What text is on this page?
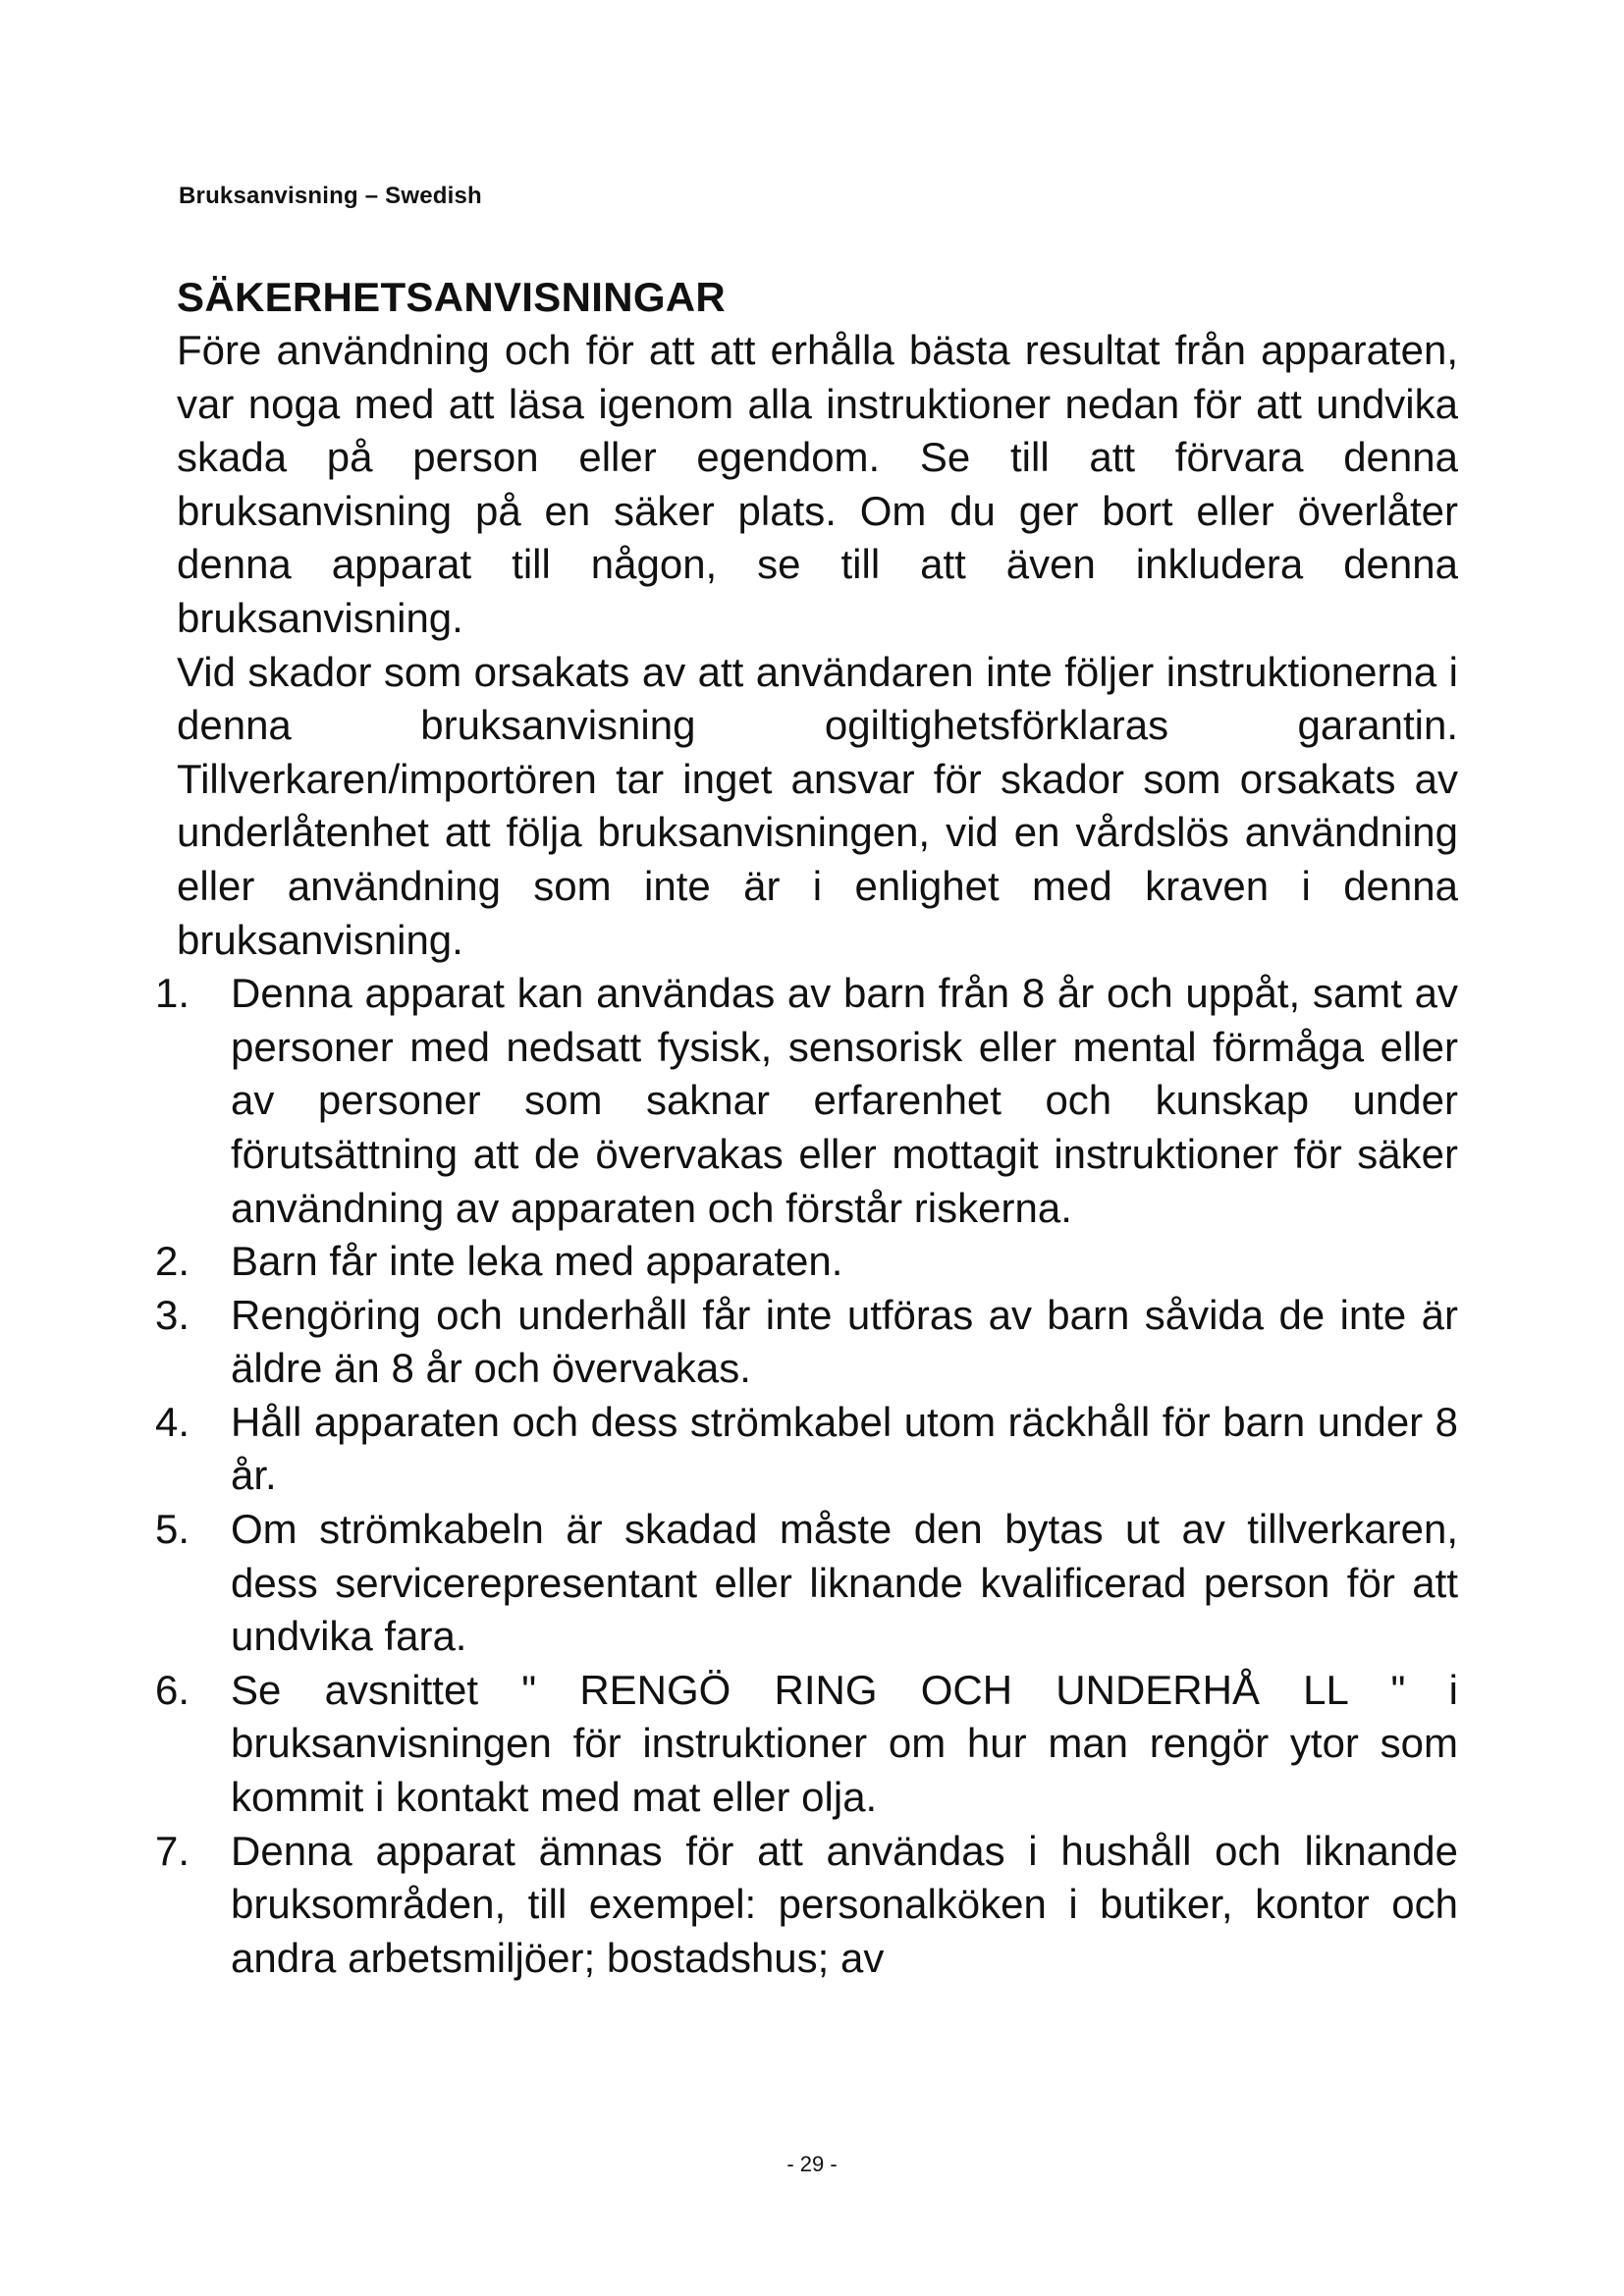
Bruksanvisning – Swedish
SÄKERHETSANVISNINGAR

Före användning och för att att erhålla bästa resultat från apparaten, var noga med att läsa igenom alla instruktioner nedan för att undvika skada på person eller egendom. Se till att förvara denna bruksanvisning på en säker plats. Om du ger bort eller överlåter denna apparat till någon, se till att även inkludera denna bruksanvisning.

Vid skador som orsakats av att användaren inte följer instruktionerna i denna bruksanvisning ogiltighetsförklaras garantin. Tillverkaren/importören tar inget ansvar för skador som orsakats av underlåtenhet att följa bruksanvisningen, vid en vårdslös användning eller användning som inte är i enlighet med kraven i denna bruksanvisning.

1. Denna apparat kan användas av barn från 8 år och uppåt, samt av personer med nedsatt fysisk, sensorisk eller mental förmåga eller av personer som saknar erfarenhet och kunskap under förutsättning att de övervakas eller mottagit instruktioner för säker användning av apparaten och förstår riskerna.
2. Barn får inte leka med apparaten.
3. Rengöring och underhåll får inte utföras av barn såvida de inte är äldre än 8 år och övervakas.
4. Håll apparaten och dess strömkabel utom räckhåll för barn under 8 år.
5. Om strömkabeln är skadad måste den bytas ut av tillverkaren, dess servicerepresentant eller liknande kvalificerad person för att undvika fara.
6. Se avsnittet " RENGÖ RING OCH UNDERHÅ LL " i bruksanvisningen för instruktioner om hur man rengör ytor som kommit i kontakt med mat eller olja.
7. Denna apparat ämnas för att användas i hushåll och liknande bruksområden, till exempel: personalköken i butiker, kontor och andra arbetsmiljöer; bostadshus; av
- 29 -
